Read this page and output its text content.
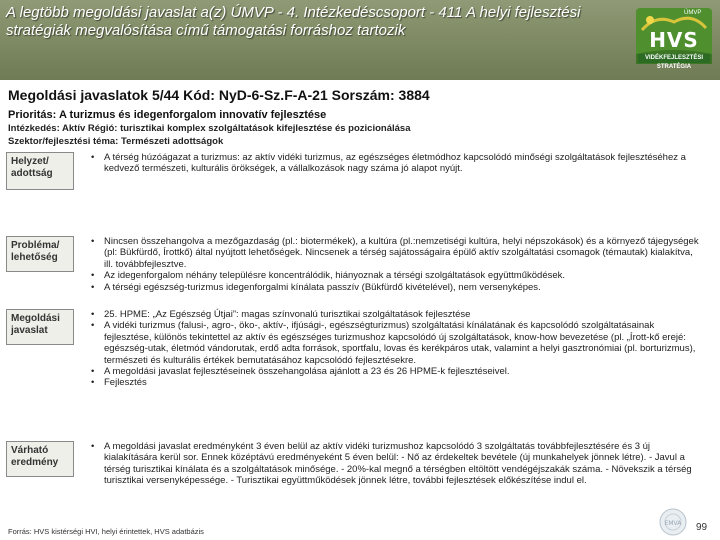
A legtöbb megoldási javaslat a(z) ÚMVP - 4. Intézkedéscsoport - 411 A helyi fejlesztési stratégiák megvalósítása című támogatási forráshoz tartozik
ÚMVP
HVS
VIDÉKFEJLESZTÉSI STRATÉGIA
Megoldási javaslatok 5/44 Kód: NyD-6-Sz.F-A-21 Sorszám: 3884
Prioritás: A turizmus és idegenforgalom innovatív fejlesztése
Intézkedés: Aktív Régió: turisztikai komplex szolgáltatások kifejlesztése és pozicionálása
Szektor/fejlesztési téma: Természeti adottságok
Helyzet/ adottság
• A térség húzóágazat a turizmus: az aktív vidéki turizmus, az egészséges életmódhoz kapcsolódó minőségi szolgáltatások fejlesztéséhez a kedvező természeti, kulturális örökségek, a vállalkozások nagy száma jó alapot nyújt.
Probléma/ lehetőség
• Nincsen összehangolva a mezőgazdaság (pl.: biotermékek), a kultúra (pl.:nemzetiségi kultúra, helyi népszokások) és a környező tájegységek (pl: Bükfürdő, Írottkő) által nyújtott lehetőségek. Nincsenek a térség sajátosságaira épülő aktív szolgáltatási csomagok (témautak) kialakítva, ill. továbbfejlesztve.
• Az idegenforgalom néhány településre koncentrálódik, hiányoznak a térségi szolgáltatások együttműködések.
• A térségi egészség-turizmus idegenforgalmi kínálata passzív (Bükfürdő kivételével), nem versenyképes.
Megoldási javaslat
• 25. HPME: „Az Egészség Útjai”: magas színvonalú turisztikai szolgáltatások fejlesztése
• A vidéki turizmus (falusi-, agro-, öko-, aktív-, ifjúsági-, egészségturizmus) szolgáltatási kínálatának és kapcsolódó szolgáltatásainak fejlesztése, különös tekintettel az aktív és egészséges turizmushoz kapcsolódó új szolgáltatások, know-how bevezetése (pl. „Írott-kő erejé: egészség-utak, életmód vándorutak, erdő adta források, sportfalu, lovas és kerékpáros utak, valamint a helyi gasztronómiai (pl. borturizmus), természeti és kulturális értékek bemutatásához kapcsolódó fejlesztésekre.
• A megoldási javaslat fejlesztéseinek összehangolása ajánlott a 23 és 26 HPME-k fejlesztéseivel.
• Fejlesztés
Várható eredmény
• A megoldási javaslat eredményként 3 éven belül az aktív vidéki turizmushoz kapcsolódó 3 szolgáltatás továbbfejlesztésére és 3 új kialakítására kerül sor. Ennek középtávú eredményeként 5 éven belül: - Nő az érdekeltek bevétele (új munkahelyek jönnek létre). - Javul a térség turisztikai kínálata és a szolgáltatások minősége. - 20%-kal megnő a térségben eltöltött vendégéjszakák száma. - Növekszik a térség turisztikai versenyképessége. - Turisztikai együttműködések jönnek létre, további fejlesztések előkészítése indul el.
Forrás: HVS kistérségi HVI, helyi érintettek, HVS adatbázis
EMVA 99
